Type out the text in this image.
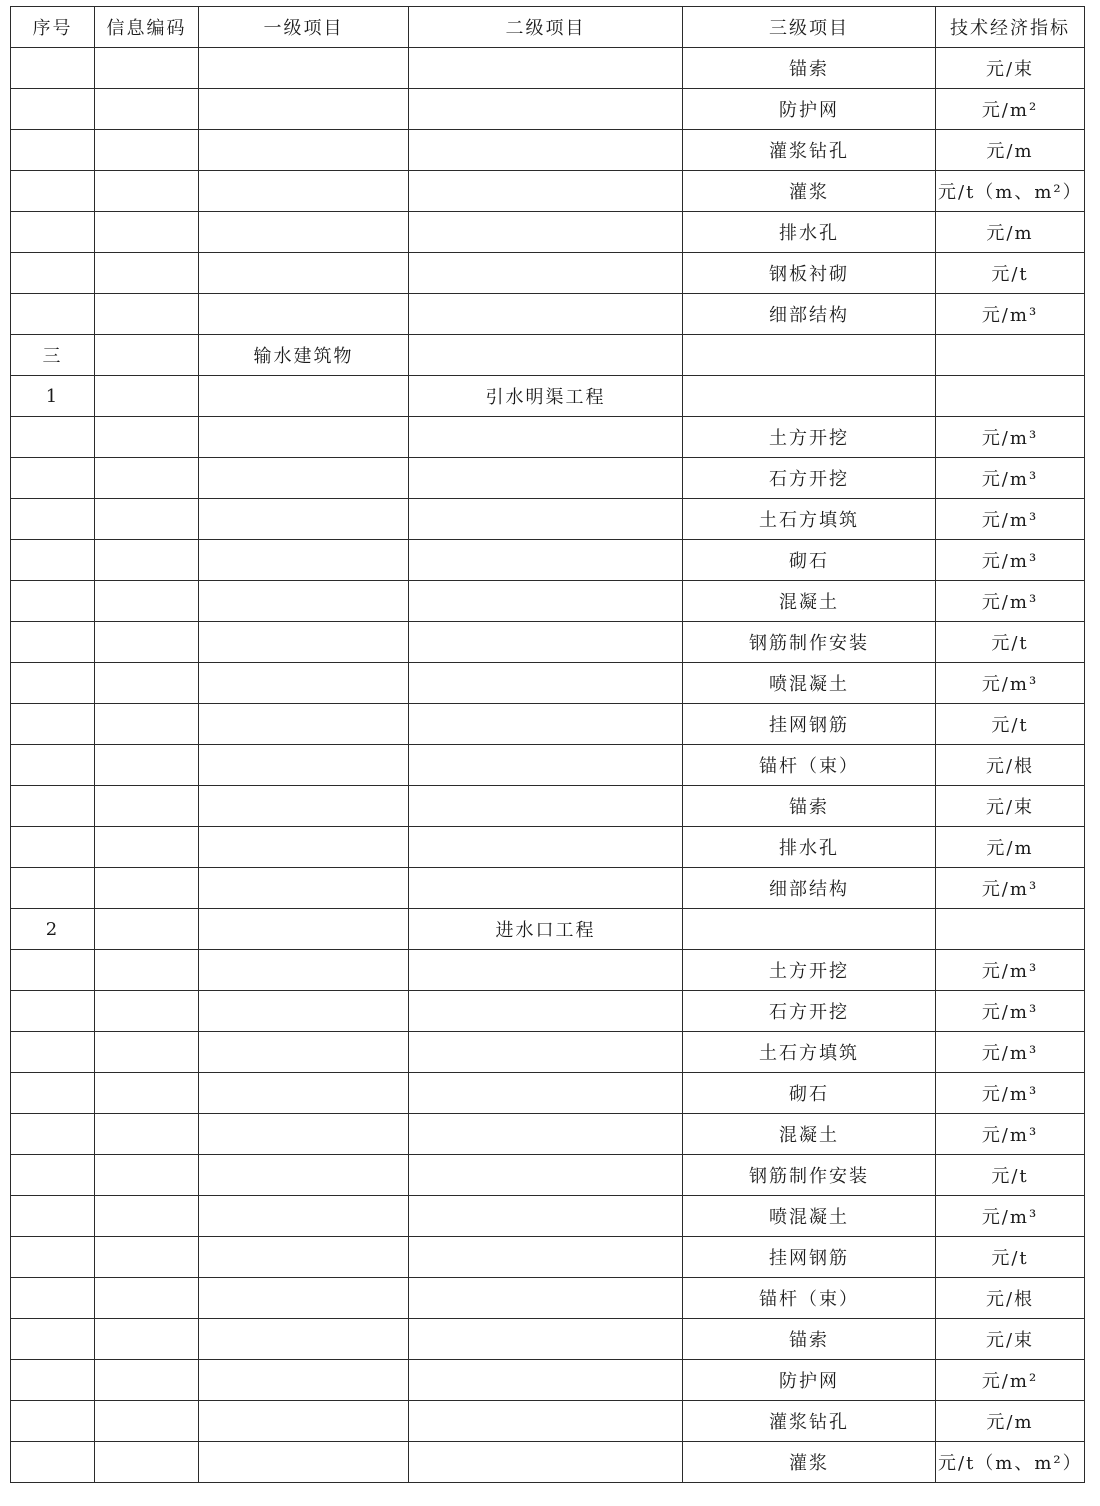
序号	信息编码	一级项目	二级项目	三级项目	技术经济指标
				锚索	元/束
				防护网	元/m²
				灌浆钻孔	元/m
				灌浆	元/t（m、m²）
				排水孔	元/m
				钢板衬砌	元/t
				细部结构	元/m³
三		输水建筑物			
1			引水明渠工程		
				土方开挖	元/m³
				石方开挖	元/m³
				土石方填筑	元/m³
				砌石	元/m³
				混凝土	元/m³
				钢筋制作安装	元/t
				喷混凝土	元/m³
				挂网钢筋	元/t
				锚杆（束）	元/根
				锚索	元/束
				排水孔	元/m
				细部结构	元/m³
2			进水口工程		
				土方开挖	元/m³
				石方开挖	元/m³
				土石方填筑	元/m³
				砌石	元/m³
				混凝土	元/m³
				钢筋制作安装	元/t
				喷混凝土	元/m³
				挂网钢筋	元/t
				锚杆（束）	元/根
				锚索	元/束
				防护网	元/m²
				灌浆钻孔	元/m
				灌浆	元/t（m、m²）
